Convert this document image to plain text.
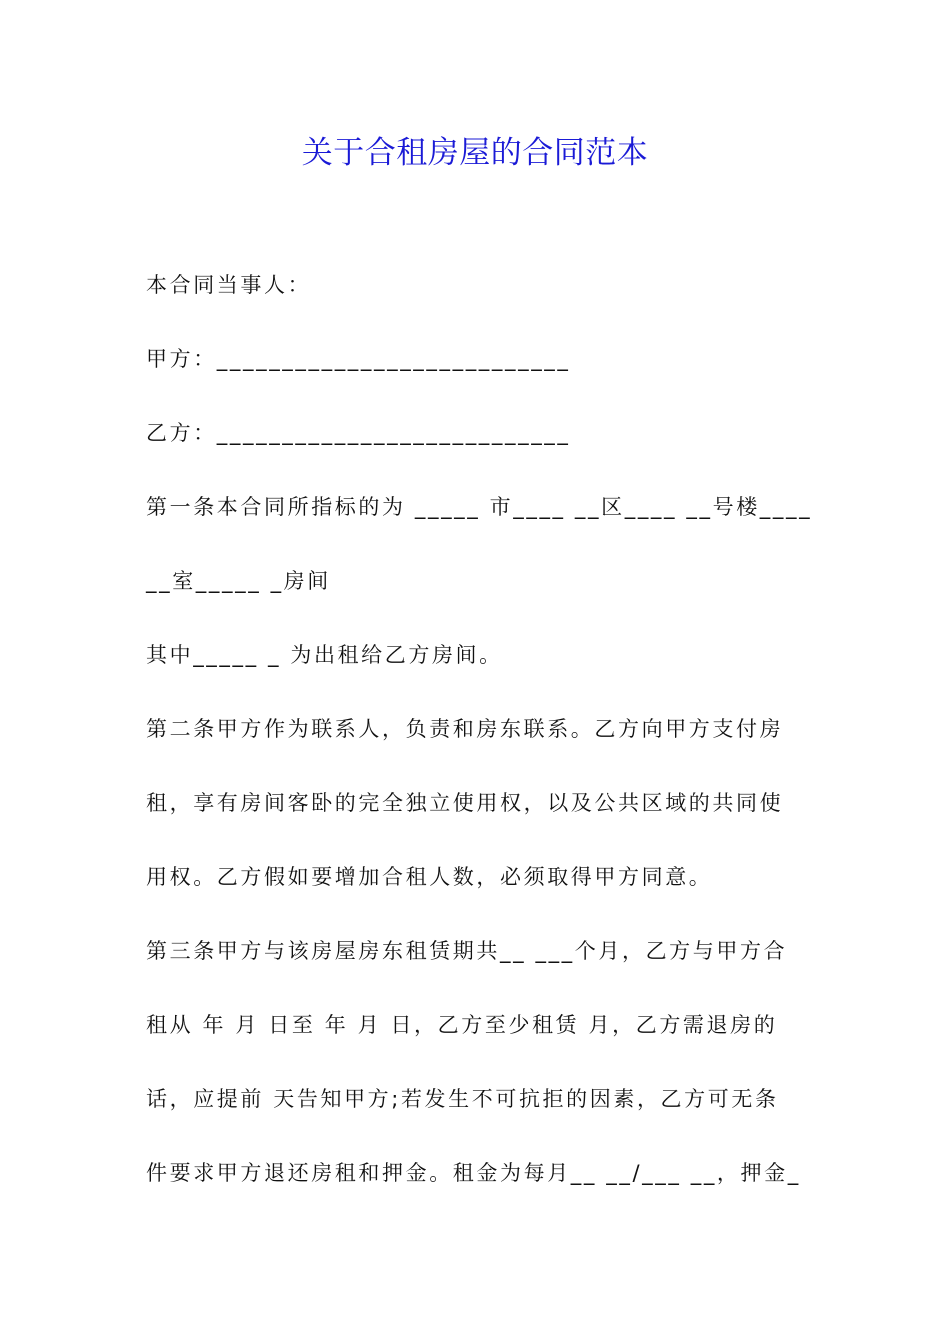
关于合租房屋的合同范本
本合同当事人：
甲方：___________________________
乙方：___________________________
第一条本合同所指标的为 _____ 市____ __区____ __号楼____
__室_____ _房间
其中_____ _ 为出租给乙方房间。
第二条甲方作为联系人，负责和房东联系。乙方向甲方支付房
租，享有房间客卧的完全独立使用权，以及公共区域的共同使
用权。乙方假如要增加合租人数，必须取得甲方同意。
第三条甲方与该房屋房东租赁期共__ ___个月，乙方与甲方合
租从 年 月 日至 年 月 日，乙方至少租赁 月，乙方需退房的
话，应提前 天告知甲方;若发生不可抗拒的因素，乙方可无条
件要求甲方退还房租和押金。租金为每月__ __/___ __，押金_
